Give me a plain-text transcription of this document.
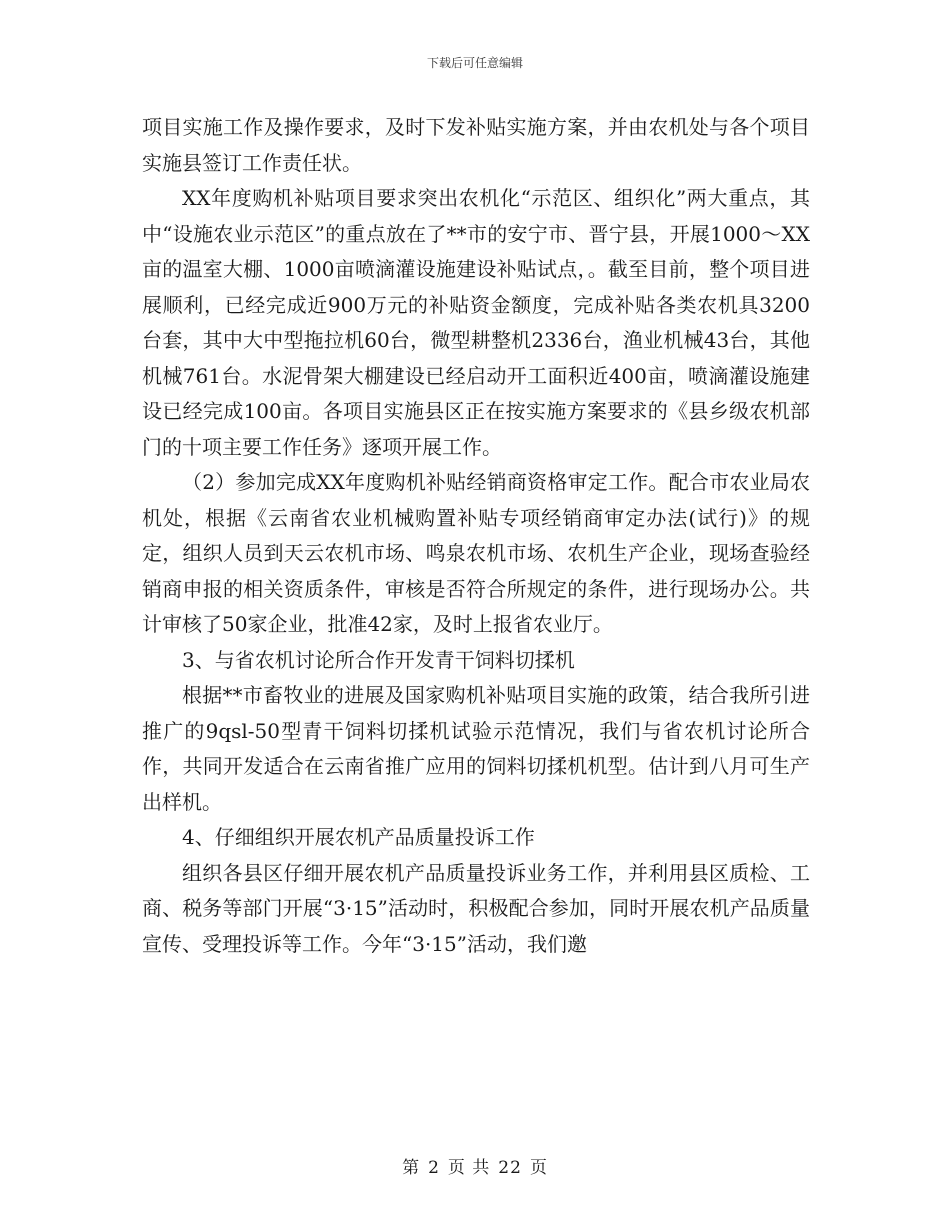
下载后可任意编辑

项目实施工作及操作要求，及时下发补贴实施方案，并由农机处与各个项目实施县签订工作责任状。

XX年度购机补贴项目要求突出农机化“示范区、组织化”两大重点，其中“设施农业示范区”的重点放在了**市的安宁市、晋宁县，开展1000～XX亩的温室大棚、1000亩喷滴灌设施建设补贴试点，。截至目前，整个项目进展顺利，已经完成近900万元的补贴资金额度，完成补贴各类农机具3200台套，其中大中型拖拉机60台，微型耕整机2336台，渔业机械43台，其他机械761台。水泥骨架大棚建设已经启动开工面积近400亩，喷滴灌设施建设已经完成100亩。各项目实施县区正在按实施方案要求的《县乡级农机部门的十项主要工作任务》逐项开展工作。

（2）参加完成XX年度购机补贴经销商资格审定工作。配合市农业局农机处，根据《云南省农业机械购置补贴专项经销商审定办法(试行)》的规定，组织人员到天云农机市场、鸣泉农机市场、农机生产企业，现场查验经销商申报的相关资质条件，审核是否符合所规定的条件，进行现场办公。共计审核了50家企业，批准42家，及时上报省农业厅。

3、与省农机讨论所合作开发青干饲料切揉机

根据**市畜牧业的进展及国家购机补贴项目实施的政策，结合我所引进推广的9qsl-50型青干饲料切揉机试验示范情况，我们与省农机讨论所合作，共同开发适合在云南省推广应用的饲料切揉机机型。估计到八月可生产出样机。

4、仔细组织开展农机产品质量投诉工作

组织各县区仔细开展农机产品质量投诉业务工作，并利用县区质检、工商、税务等部门开展“3·15”活动时，积极配合参加，同时开展农机产品质量宣传、受理投诉等工作。今年“3·15”活动，我们邀

第 2 页 共 22 页
